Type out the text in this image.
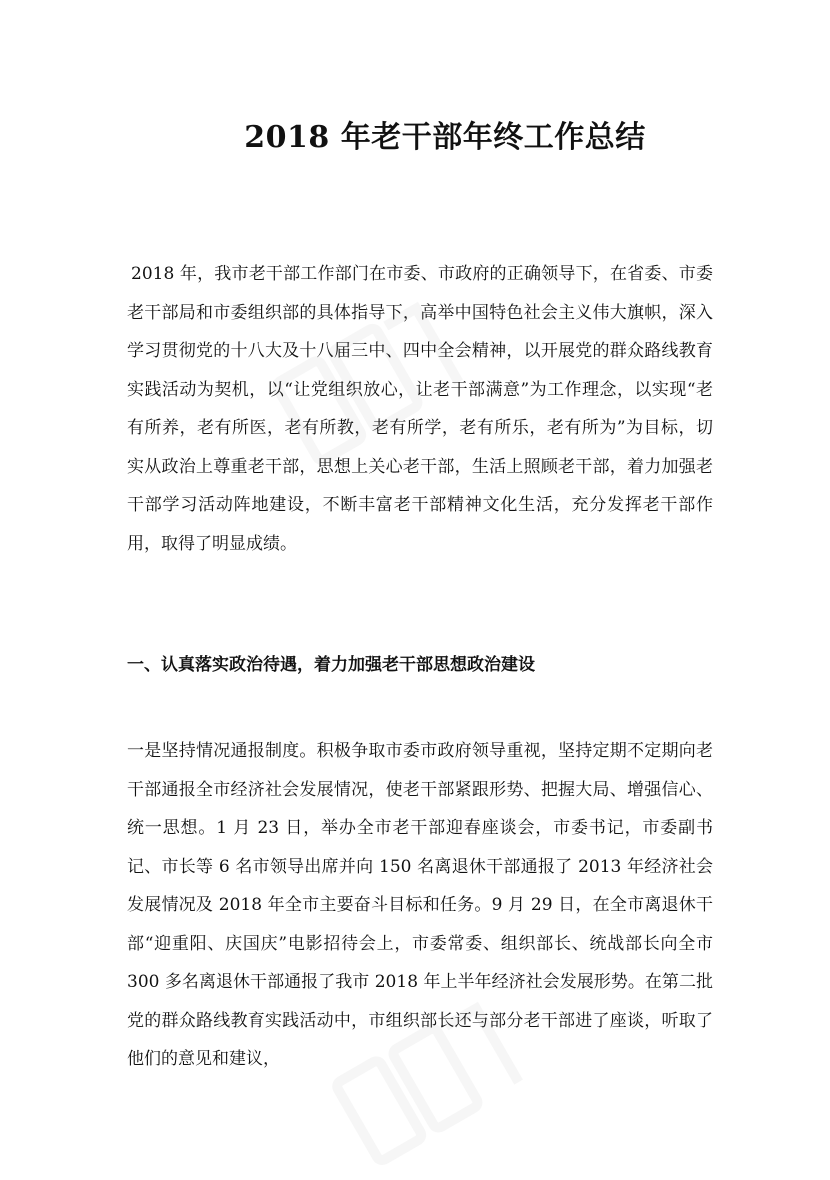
2018 年老干部年终工作总结

2018 年，我市老干部工作部门在市委、市政府的正确领导下，在省委、市委老干部局和市委组织部的具体指导下，高举中国特色社会主义伟大旗帜，深入学习贯彻党的十八大及十八届三中、四中全会精神，以开展党的群众路线教育实践活动为契机，以“让党组织放心，让老干部满意”为工作理念，以实现“老有所养，老有所医，老有所教，老有所学，老有所乐，老有所为”为目标，切实从政治上尊重老干部，思想上关心老干部，生活上照顾老干部，着力加强老干部学习活动阵地建设，不断丰富老干部精神文化生活，充分发挥老干部作用，取得了明显成绩。

一、认真落实政治待遇，着力加强老干部思想政治建设

一是坚持情况通报制度。积极争取市委市政府领导重视，坚持定期不定期向老干部通报全市经济社会发展情况，使老干部紧跟形势、把握大局、增强信心、统一思想。1 月 23 日，举办全市老干部迎春座谈会，市委书记，市委副书记、市长等 6 名市领导出席并向 150 名离退休干部通报了 2013 年经济社会发展情况及 2018 年全市主要奋斗目标和任务。9 月 29 日，在全市离退休干部“迎重阳、庆国庆”电影招待会上，市委常委、组织部长、统战部长向全市 300 多名离退休干部通报了我市 2018 年上半年经济社会发展形势。在第二批党的群众路线教育实践活动中，市组织部长还与部分老干部进了座谈，听取了他们的意见和建议，
